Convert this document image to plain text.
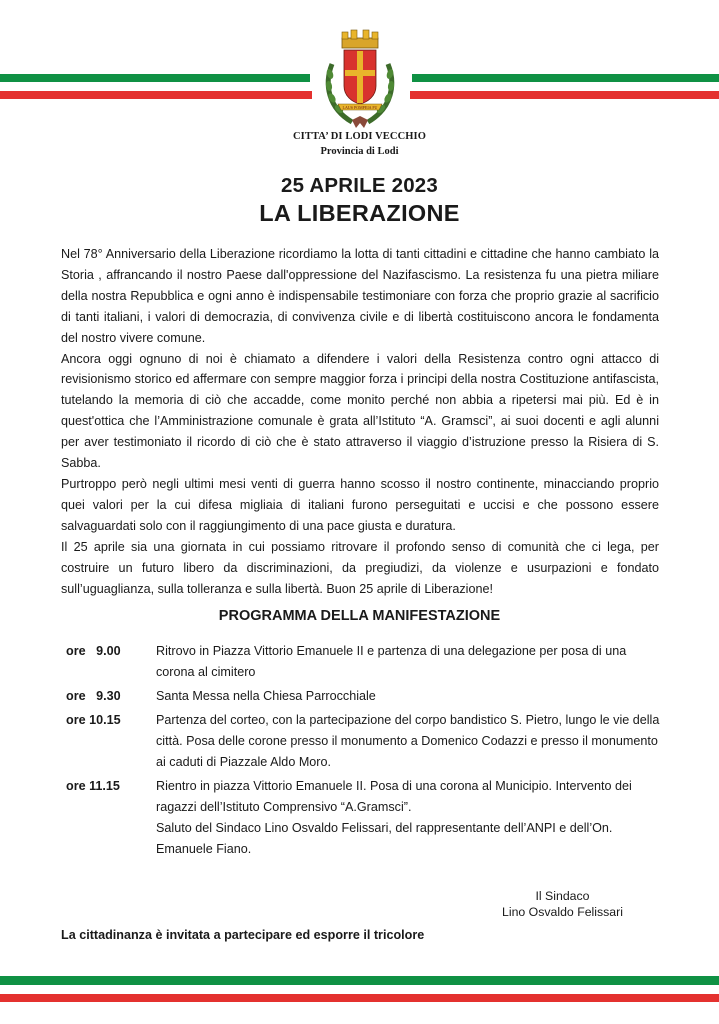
LAUS POMPEIA FU
CITTA’ DI LODI VECCHIO
Provincia di Lodi
25 APRILE 2023
LA LIBERAZIONE

Nel 78° Anniversario della Liberazione ricordiamo la lotta di tanti cittadini e cittadine che hanno cambiato la Storia , affrancando il nostro Paese dall'oppressione del Nazifascismo. La resistenza fu una pietra miliare della nostra Repubblica e ogni anno è indispensabile testimoniare con forza che proprio grazie al sacrificio di tanti italiani, i valori di democrazia, di convivenza civile e di libertà costituiscono ancora le fondamenta del nostro vivere comune.

Ancora oggi ognuno di noi è chiamato a difendere i valori della Resistenza contro ogni attacco di revisionismo storico ed affermare con sempre maggior forza i principi della nostra Costituzione antifascista, tutelando la memoria di ciò che accadde, come monito perché non abbia a ripetersi mai più. Ed è in quest'ottica che l’Amministrazione comunale è grata all’Istituto “A. Gramsci”, ai suoi docenti e agli alunni per aver testimoniato il ricordo di ciò che è stato attraverso il viaggio d’istruzione presso la Risiera di S. Sabba.

Purtroppo però negli ultimi mesi venti di guerra hanno scosso il nostro continente, minacciando proprio quei valori per la cui difesa migliaia di italiani furono perseguitati e uccisi e che possono essere salvaguardati solo con il raggiungimento di una pace giusta e duratura.

Il 25 aprile sia una giornata in cui possiamo ritrovare il profondo senso di comunità che ci lega, per costruire un futuro libero da discriminazioni, da pregiudizi, da violenze e usurpazioni e fondato sull’uguaglianza, sulla tolleranza e sulla libertà. Buon 25 aprile di Liberazione!

PROGRAMMA DELLA MANIFESTAZIONE
ore   9.00	Ritrovo in Piazza Vittorio Emanuele II e partenza di una delegazione per posa di una corona al cimitero

ore   9.30	Santa Messa nella Chiesa Parrocchiale

ore 10.15	Partenza del corteo, con la partecipazione del corpo bandistico S. Pietro, lungo le vie della città. Posa delle corone presso il monumento a Domenico Codazzi e presso il monumento ai caduti di Piazzale Aldo Moro.

ore 11.15	Rientro in piazza Vittorio Emanuele II. Posa di una corona al Municipio. Intervento dei ragazzi dell’Istituto Comprensivo “A.Gramsci”.

Saluto del Sindaco Lino Osvaldo Felissari, del rappresentante dell’ANPI e dell’On. Emanuele Fiano.

Il Sindaco
Lino Osvaldo Felissari
La cittadinanza è invitata a partecipare ed esporre il tricolore
